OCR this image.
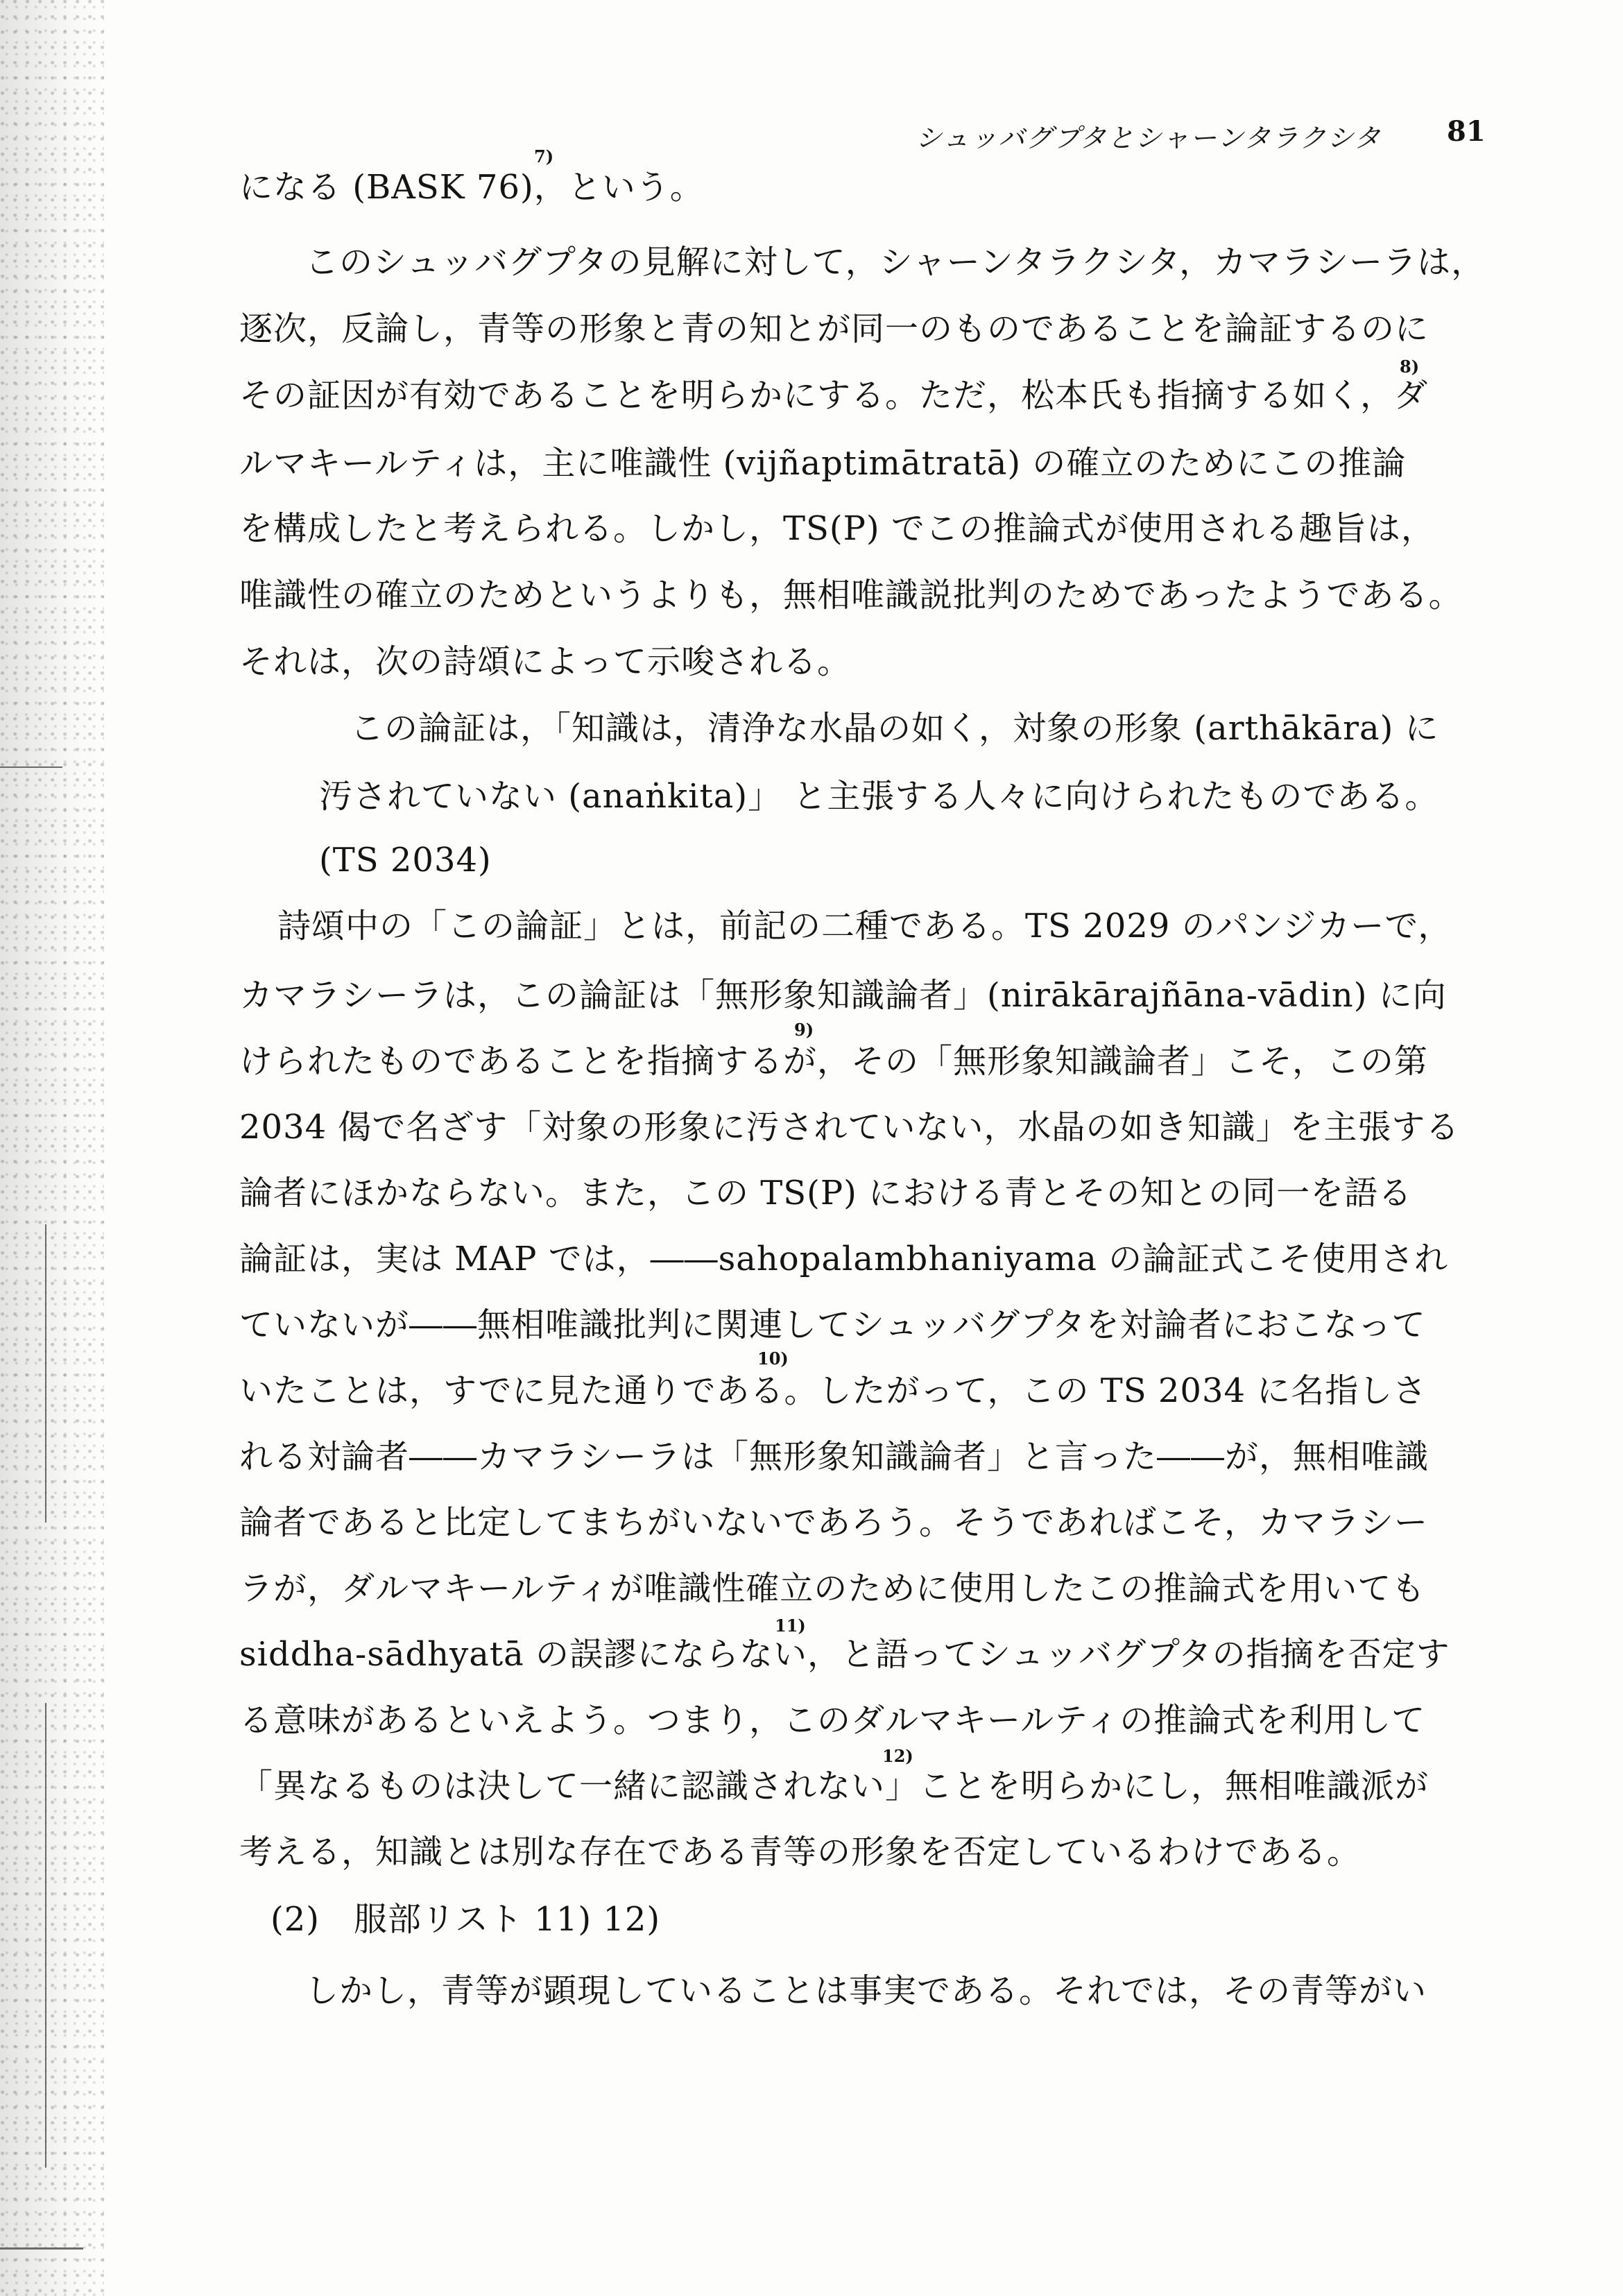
シュッバグプタとシャーンタラクシタ	81
になる (BASK 76)，という。
このシュッバグプタの見解に対して，シャーンタラクシタ，カマラシーラは，
逐次，反論し，青等の形象と青の知とが同一のものであることを論証するのに
その証因が有効であることを明らかにする。ただ，松本氏も指摘する如く，ダ
ルマキールティは，主に唯識性 (vijñaptimātratā) の確立のためにこの推論
を構成したと考えられる。しかし，TS(P) でこの推論式が使用される趣旨は，
唯識性の確立のためというよりも，無相唯識説批判のためであったようである。
それは，次の詩頌によって示唆される。
この論証は，「知識は，清浄な水晶の如く，対象の形象 (arthākāra) に
汚されていない (anaṅkita)」 と主張する人々に向けられたものである。
(TS 2034)
詩頌中の「この論証」とは，前記の二種である。TS 2029 のパンジカーで，
カマラシーラは，この論証は「無形象知識論者」(nirākārajñāna-vādin) に向
けられたものであることを指摘するが，その「無形象知識論者」こそ，この第
2034 偈で名ざす「対象の形象に汚されていない，水晶の如き知識」を主張する
論者にほかならない。また，この TS(P) における青とその知との同一を語る
論証は，実は MAP では，――sahopalambhaniyama の論証式こそ使用され
ていないが――無相唯識批判に関連してシュッバグプタを対論者におこなって
いたことは，すでに見た通りである。したがって，この TS 2034 に名指しさ
れる対論者――カマラシーラは「無形象知識論者」と言った――が，無相唯識
論者であると比定してまちがいないであろう。そうであればこそ，カマラシー
ラが，ダルマキールティが唯識性確立のために使用したこの推論式を用いても
siddha-sādhyatā の誤謬にならない，と語ってシュッバグプタの指摘を否定す
る意味があるといえよう。つまり，このダルマキールティの推論式を利用して
「異なるものは決して一緒に認識されない」ことを明らかにし，無相唯識派が
考える，知識とは別な存在である青等の形象を否定しているわけである。
(2)　服部リスト 11) 12)
しかし，青等が顕現していることは事実である。それでは，その青等がい
7)
8)
9)
10)
11)
12)
